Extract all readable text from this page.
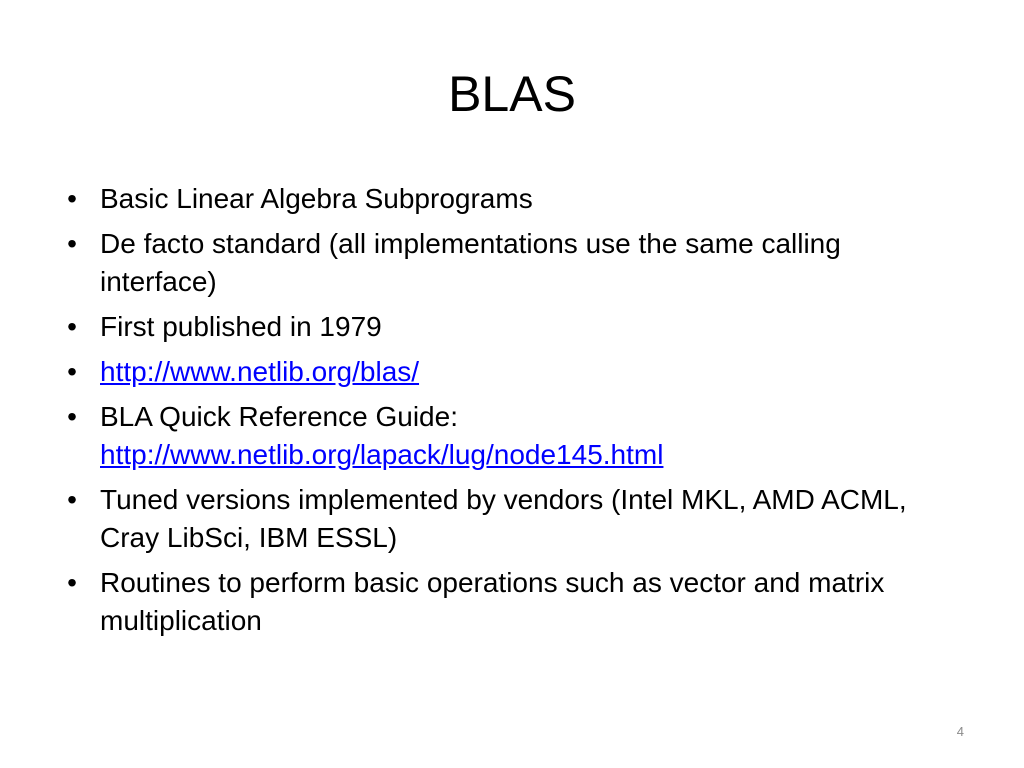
BLAS
• Basic Linear Algebra Subprograms
• De facto standard (all implementations use the same calling interface)
• First published in 1979
• http://www.netlib.org/blas/
• BLA Quick Reference Guide:
http://www.netlib.org/lapack/lug/node145.html
• Tuned versions implemented by vendors (Intel MKL, AMD ACML, Cray LibSci, IBM ESSL)
• Routines to perform basic operations such as vector and matrix multiplication
4
